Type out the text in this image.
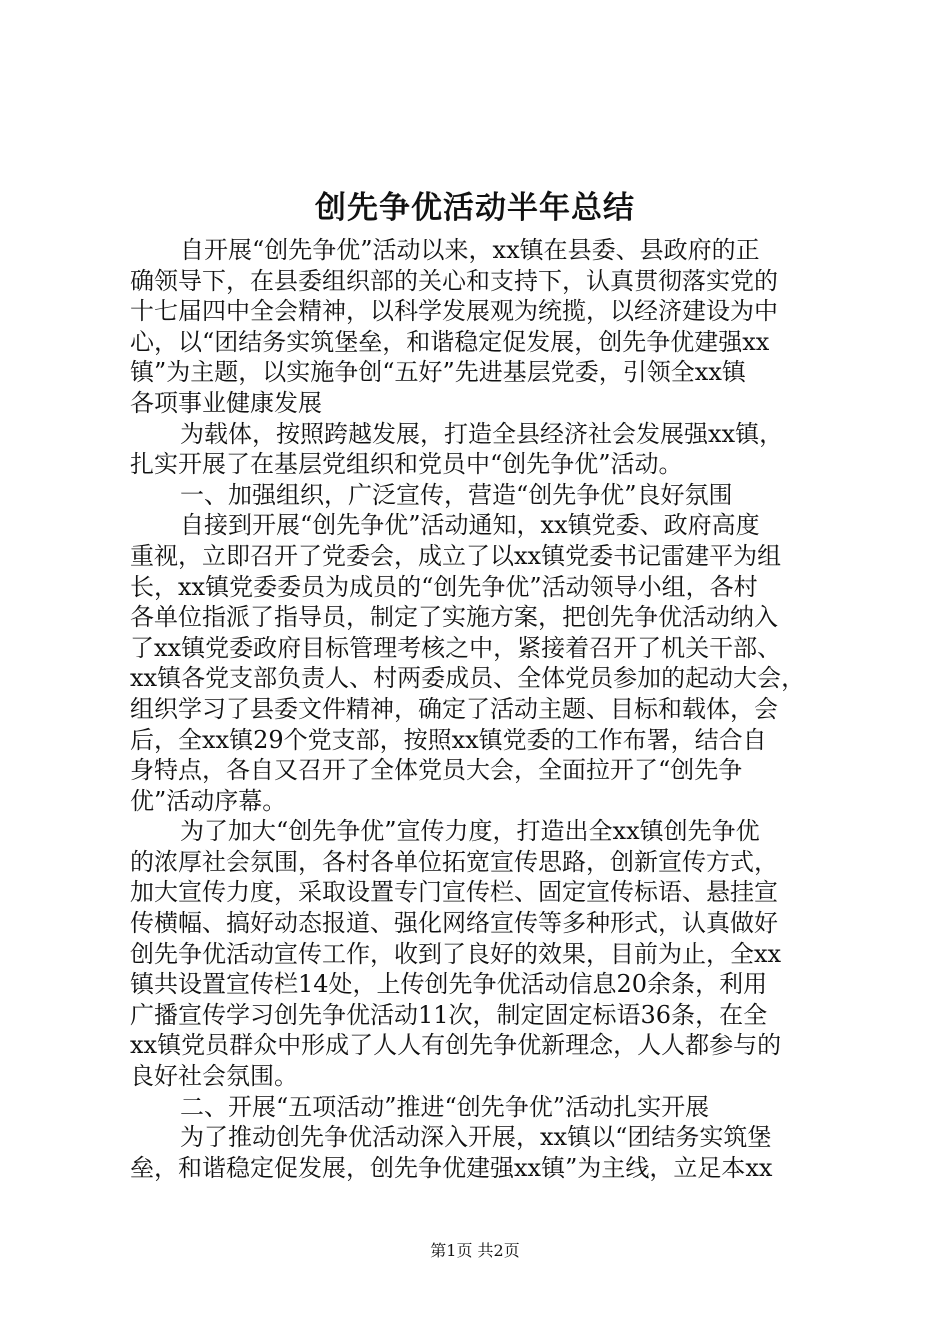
创先争优活动半年总结

自开展“创先争优”活动以来，xx镇在县委、县政府的正

确领导下，在县委组织部的关心和支持下，认真贯彻落实党的

十七届四中全会精神，以科学发展观为统揽，以经济建设为中

心，以“团结务实筑堡垒，和谐稳定促发展，创先争优建强xx

镇”为主题，以实施争创“五好”先进基层党委，引领全xx镇

各项事业健康发展

为载体，按照跨越发展，打造全县经济社会发展强xx镇，

扎实开展了在基层党组织和党员中“创先争优”活动。

一、加强组织，广泛宣传，营造“创先争优”良好氛围

自接到开展“创先争优”活动通知，xx镇党委、政府高度

重视，立即召开了党委会，成立了以xx镇党委书记雷建平为组

长，xx镇党委委员为成员的“创先争优”活动领导小组，各村

各单位指派了指导员，制定了实施方案，把创先争优活动纳入

了xx镇党委政府目标管理考核之中，紧接着召开了机关干部、

xx镇各党支部负责人、村两委成员、全体党员参加的起动大会，

组织学习了县委文件精神，确定了活动主题、目标和载体，会

后，全xx镇29个党支部，按照xx镇党委的工作布署，结合自

身特点，各自又召开了全体党员大会，全面拉开了“创先争

优”活动序幕。

为了加大“创先争优”宣传力度，打造出全xx镇创先争优

的浓厚社会氛围，各村各单位拓宽宣传思路，创新宣传方式，

加大宣传力度，采取设置专门宣传栏、固定宣传标语、悬挂宣

传横幅、搞好动态报道、强化网络宣传等多种形式，认真做好

创先争优活动宣传工作，收到了良好的效果，目前为止，全xx

镇共设置宣传栏14处，上传创先争优活动信息20余条，利用

广播宣传学习创先争优活动11次，制定固定标语36条，在全

xx镇党员群众中形成了人人有创先争优新理念，人人都参与的

良好社会氛围。

二、开展“五项活动”推进“创先争优”活动扎实开展

为了推动创先争优活动深入开展，xx镇以“团结务实筑堡

垒，和谐稳定促发展，创先争优建强xx镇”为主线，立足本xx

第1页 共2页
